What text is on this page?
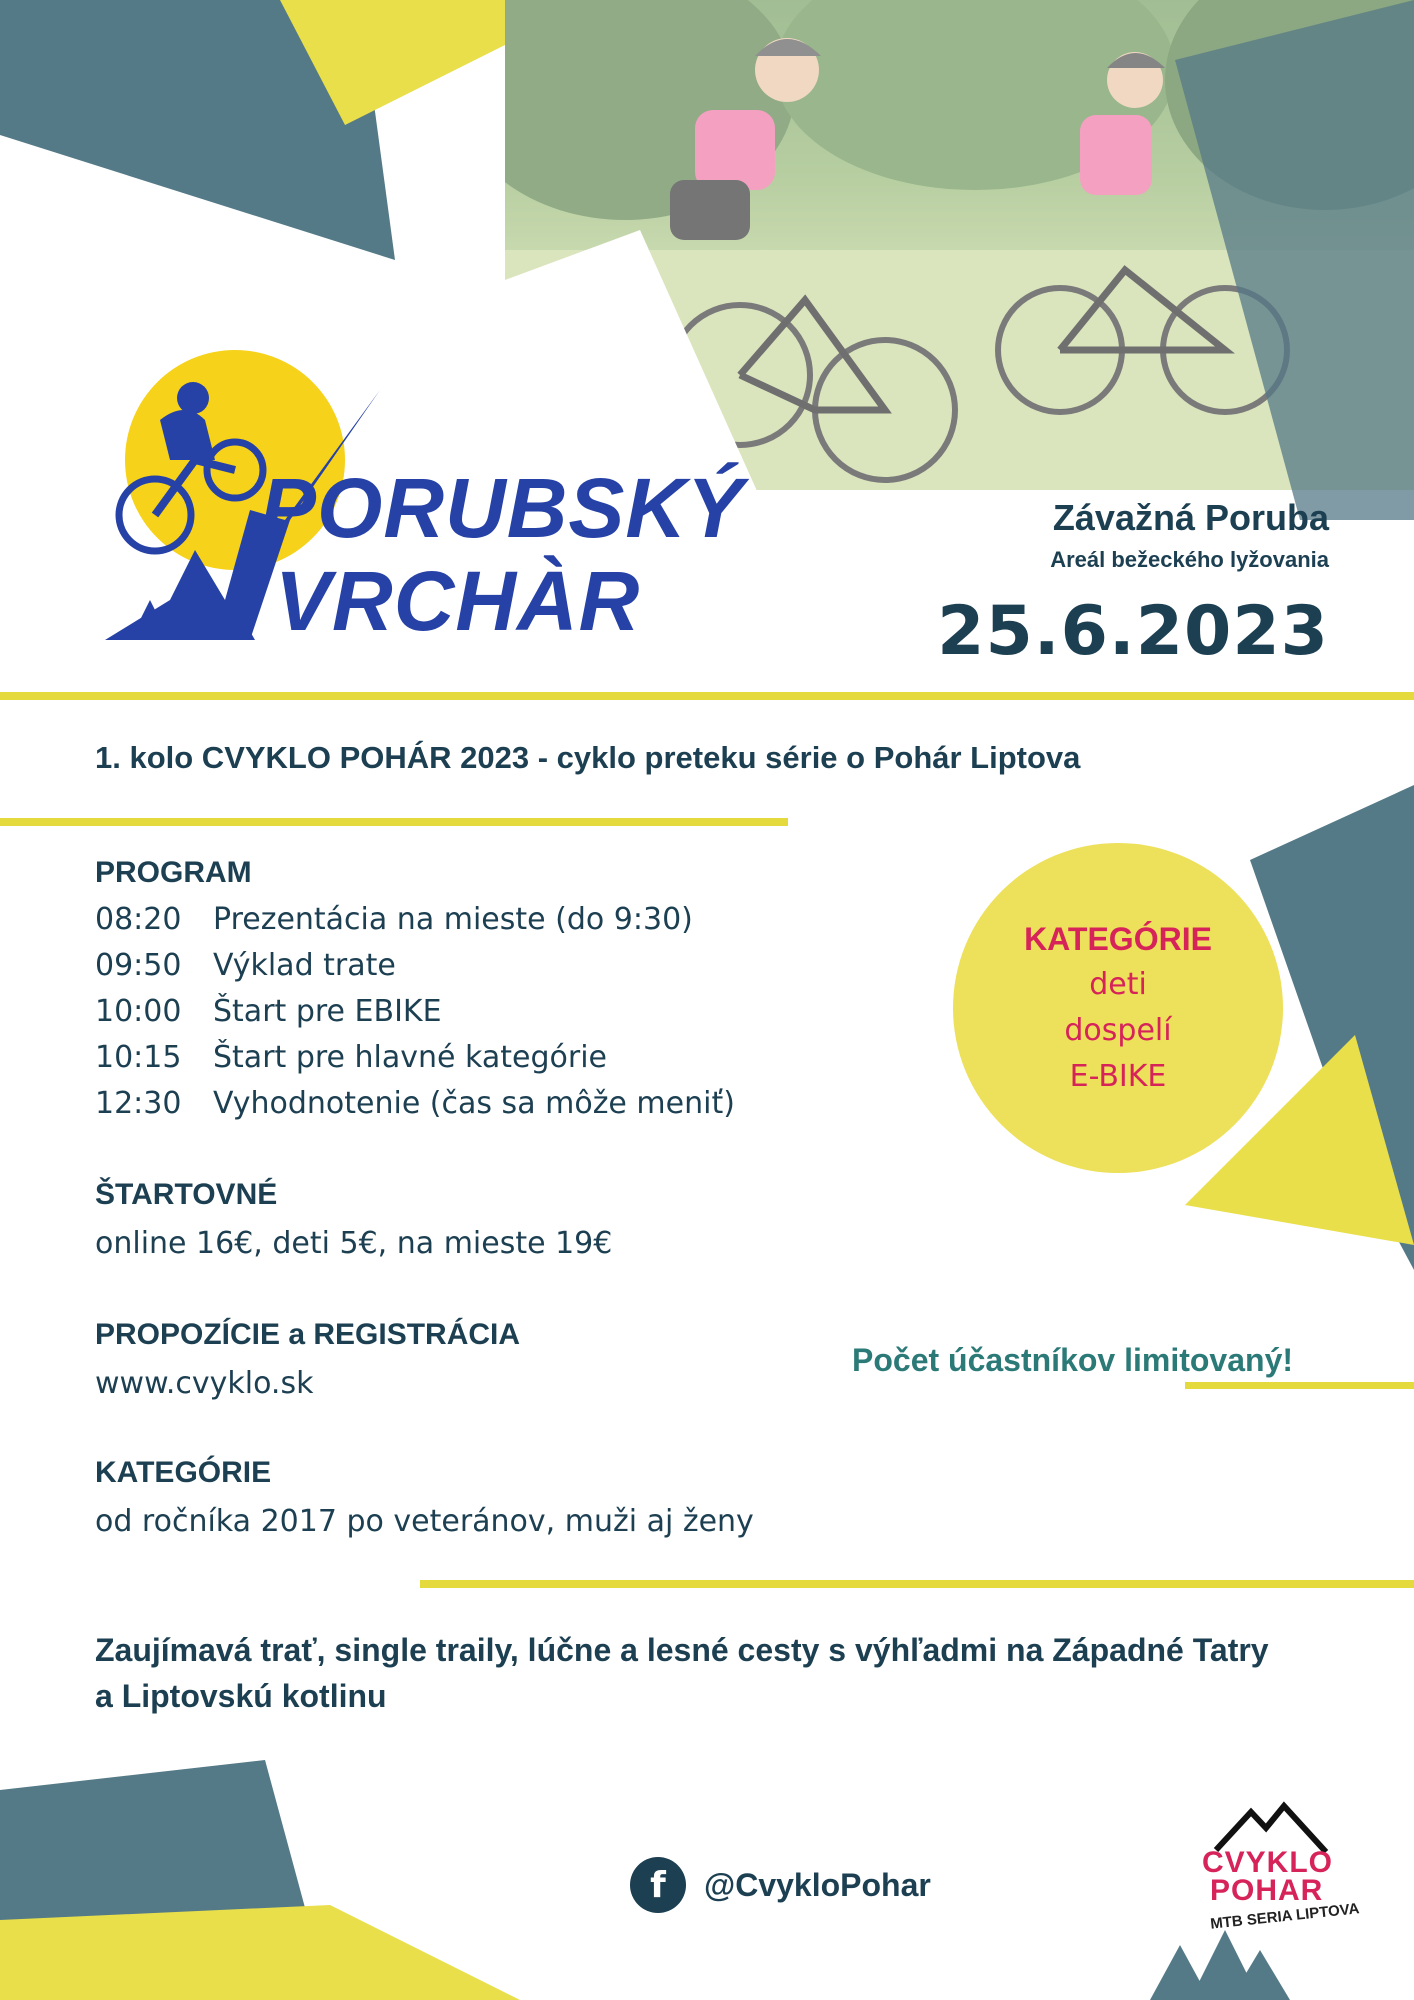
PORUBSKÝ
VRCHÀR
Závažná Poruba
Areál bežeckého lyžovania
25.6.2023
1. kolo CVYKLO POHÁR 2023 - cyklo preteku série o Pohár Liptova
PROGRAM
08:20 Prezentácia na mieste (do 9:30)
09:50 Výklad trate
10:00 Štart pre EBIKE
10:15 Štart pre hlavné kategórie
12:30 Vyhodnotenie (čas sa môže meniť)
KATEGÓRIE
deti
dospelí
E-BIKE
ŠTARTOVNÉ
online 16€, deti 5€, na mieste 19€
PROPOZÍCIE a REGISTRÁCIA
www.cvyklo.sk
Počet účastníkov limitovaný!
KATEGÓRIE
od ročníka 2017 po veteránov, muži aj ženy
Zaujímavá trať, single traily, lúčne a lesné cesty s výhľadmi na Západné Tatry a Liptovskú kotlinu
f	@CvykloPohar
CVYKLO
POHAR
MTB SERIA LIPTOVA
